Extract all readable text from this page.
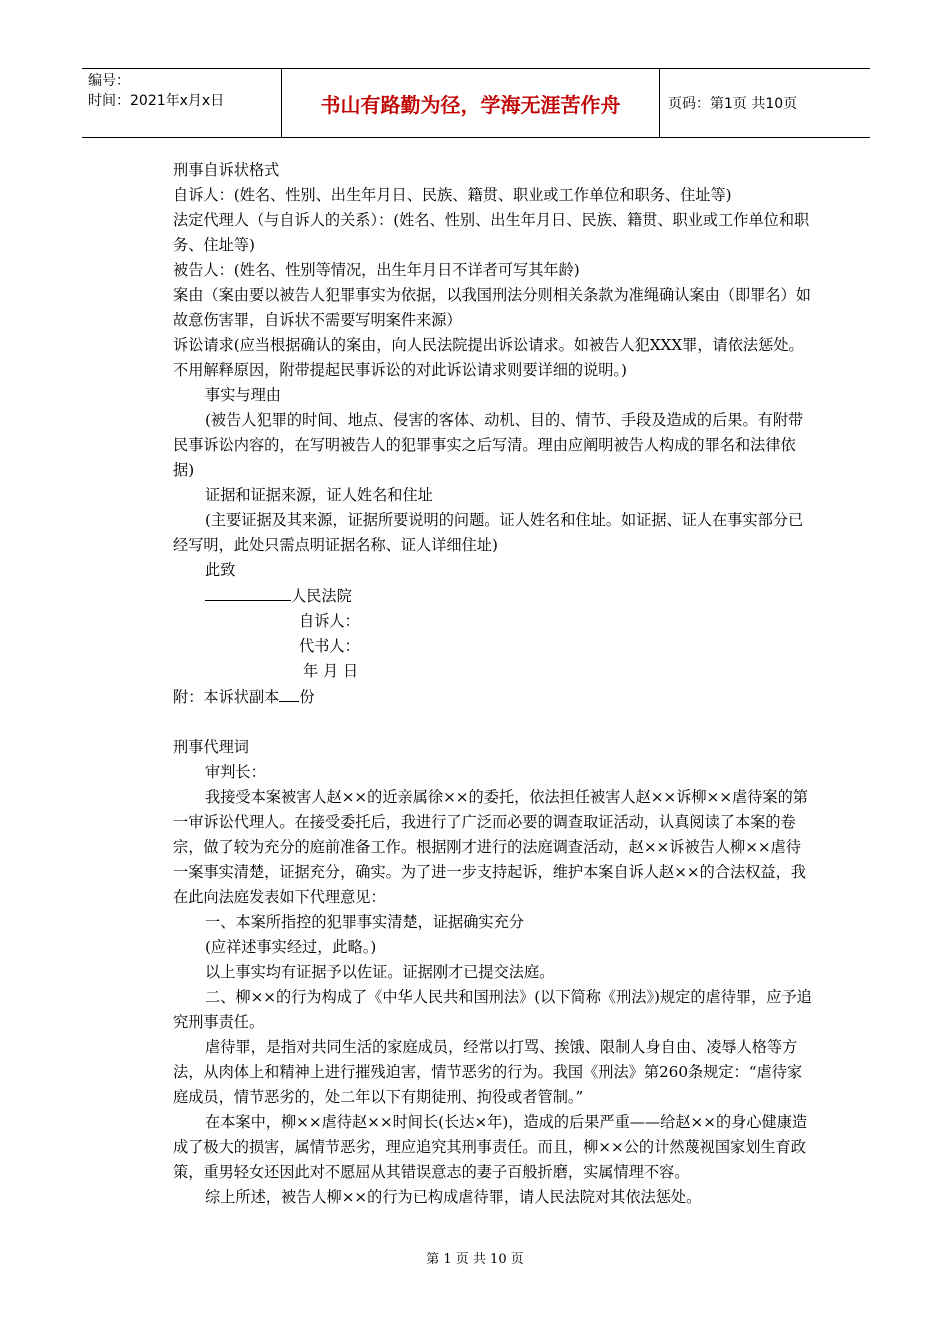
编号：
时间：2021年x月x日	书山有路勤为径，学海无涯苦作舟	页码：第1页 共10页

刑事自诉状格式

自诉人：(姓名、性别、出生年月日、民族、籍贯、职业或工作单位和职务、住址等)

法定代理人（与自诉人的关系）：(姓名、性别、出生年月日、民族、籍贯、职业或工作单位和职务、住址等)

被告人：(姓名、性别等情况，出生年月日不详者可写其年龄)

案由（案由要以被告人犯罪事实为依据，以我国刑法分则相关条款为准绳确认案由（即罪名）如故意伤害罪，自诉状不需要写明案件来源）

诉讼请求(应当根据确认的案由，向人民法院提出诉讼请求。如被告人犯XXX罪，请依法惩处。不用解释原因，附带提起民事诉讼的对此诉讼请求则要详细的说明。)

事实与理由

(被告人犯罪的时间、地点、侵害的客体、动机、目的、情节、手段及造成的后果。有附带民事诉讼内容的，在写明被告人的犯罪事实之后写清。理由应阐明被告人构成的罪名和法律依据)

证据和证据来源，证人姓名和住址

(主要证据及其来源，证据所要说明的问题。证人姓名和住址。如证据、证人在事实部分已经写明，此处只需点明证据名称、证人详细住址)

此致

人民法院

自诉人：

代书人：

年 月 日

附：本诉状副本 份

刑事代理词

审判长：

我接受本案被害人赵××的近亲属徐××的委托，依法担任被害人赵××诉柳××虐待案的第一审诉讼代理人。在接受委托后，我进行了广泛而必要的调查取证活动，认真阅读了本案的卷宗，做了较为充分的庭前准备工作。根据刚才进行的法庭调查活动，赵××诉被告人柳××虐待一案事实清楚，证据充分，确实。为了进一步支持起诉，维护本案自诉人赵××的合法权益，我在此向法庭发表如下代理意见：

一、本案所指控的犯罪事实清楚，证据确实充分

(应祥述事实经过，此略。)

以上事实均有证据予以佐证。证据刚才已提交法庭。

二、柳××的行为构成了《中华人民共和国刑法》(以下简称《刑法》)规定的虐待罪，应予追究刑事责任。

虐待罪，是指对共同生活的家庭成员，经常以打骂、挨饿、限制人身自由、凌辱人格等方法，从肉体上和精神上进行摧残迫害，情节恶劣的行为。我国《刑法》第260条规定：“虐待家庭成员，情节恶劣的，处二年以下有期徒刑、拘役或者管制。”

在本案中，柳××虐待赵××时间长(长达×年)，造成的后果严重——给赵××的身心健康造成了极大的损害，属情节恶劣，理应追究其刑事责任。而且，柳××公的计然蔑视国家划生育政策，重男轻女还因此对不愿屈从其错误意志的妻子百般折磨，实属情理不容。

综上所述，被告人柳××的行为已构成虐待罪，请人民法院对其依法惩处。

第 1 页 共 10 页
